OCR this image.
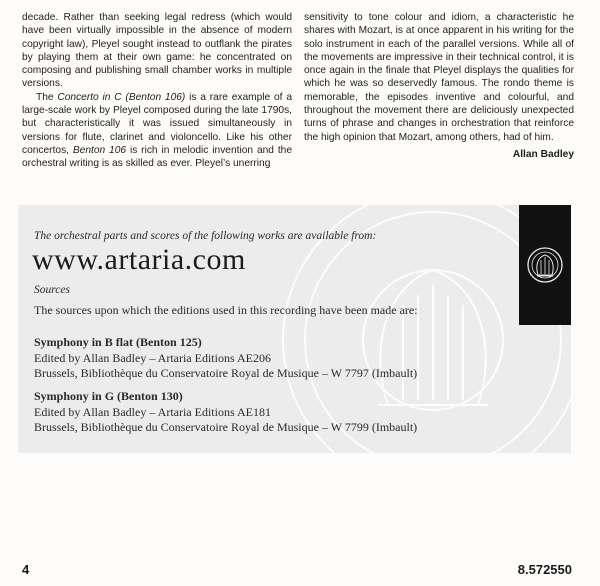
decade. Rather than seeking legal redress (which would have been virtually impossible in the absence of modern copyright law), Pleyel sought instead to outflank the pirates by playing them at their own game: he concentrated on composing and publishing small chamber works in multiple versions.

The Concerto in C (Benton 106) is a rare example of a large-scale work by Pleyel composed during the late 1790s, but characteristically it was issued simultaneously in versions for flute, clarinet and violoncello. Like his other concertos, Benton 106 is rich in melodic invention and the orchestral writing is as skilled as ever. Pleyel’s unerring

sensitivity to tone colour and idiom, a characteristic he shares with Mozart, is at once apparent in his writing for the solo instrument in each of the parallel versions. While all of the movements are impressive in their technical control, it is once again in the finale that Pleyel displays the qualities for which he was so deservedly famous. The rondo theme is memorable, the episodes inventive and colourful, and throughout the movement there are deliciously unexpected turns of phrase and changes in orchestration that reinforce the high opinion that Mozart, among others, had of him.

Allan Badley

The orchestral parts and scores of the following works are available from:
www.artaria.com
Sources
The sources upon which the editions used in this recording have been made are:
Symphony in B flat (Benton 125)
Edited by Allan Badley – Artaria Editions AE206
Brussels, Bibliothèque du Conservatoire Royal de Musique – W 7797 (Imbault)
Symphony in G (Benton 130)
Edited by Allan Badley – Artaria Editions AE181
Brussels, Bibliothèque du Conservatoire Royal de Musique – W 7799 (Imbault)
4	8.572550
